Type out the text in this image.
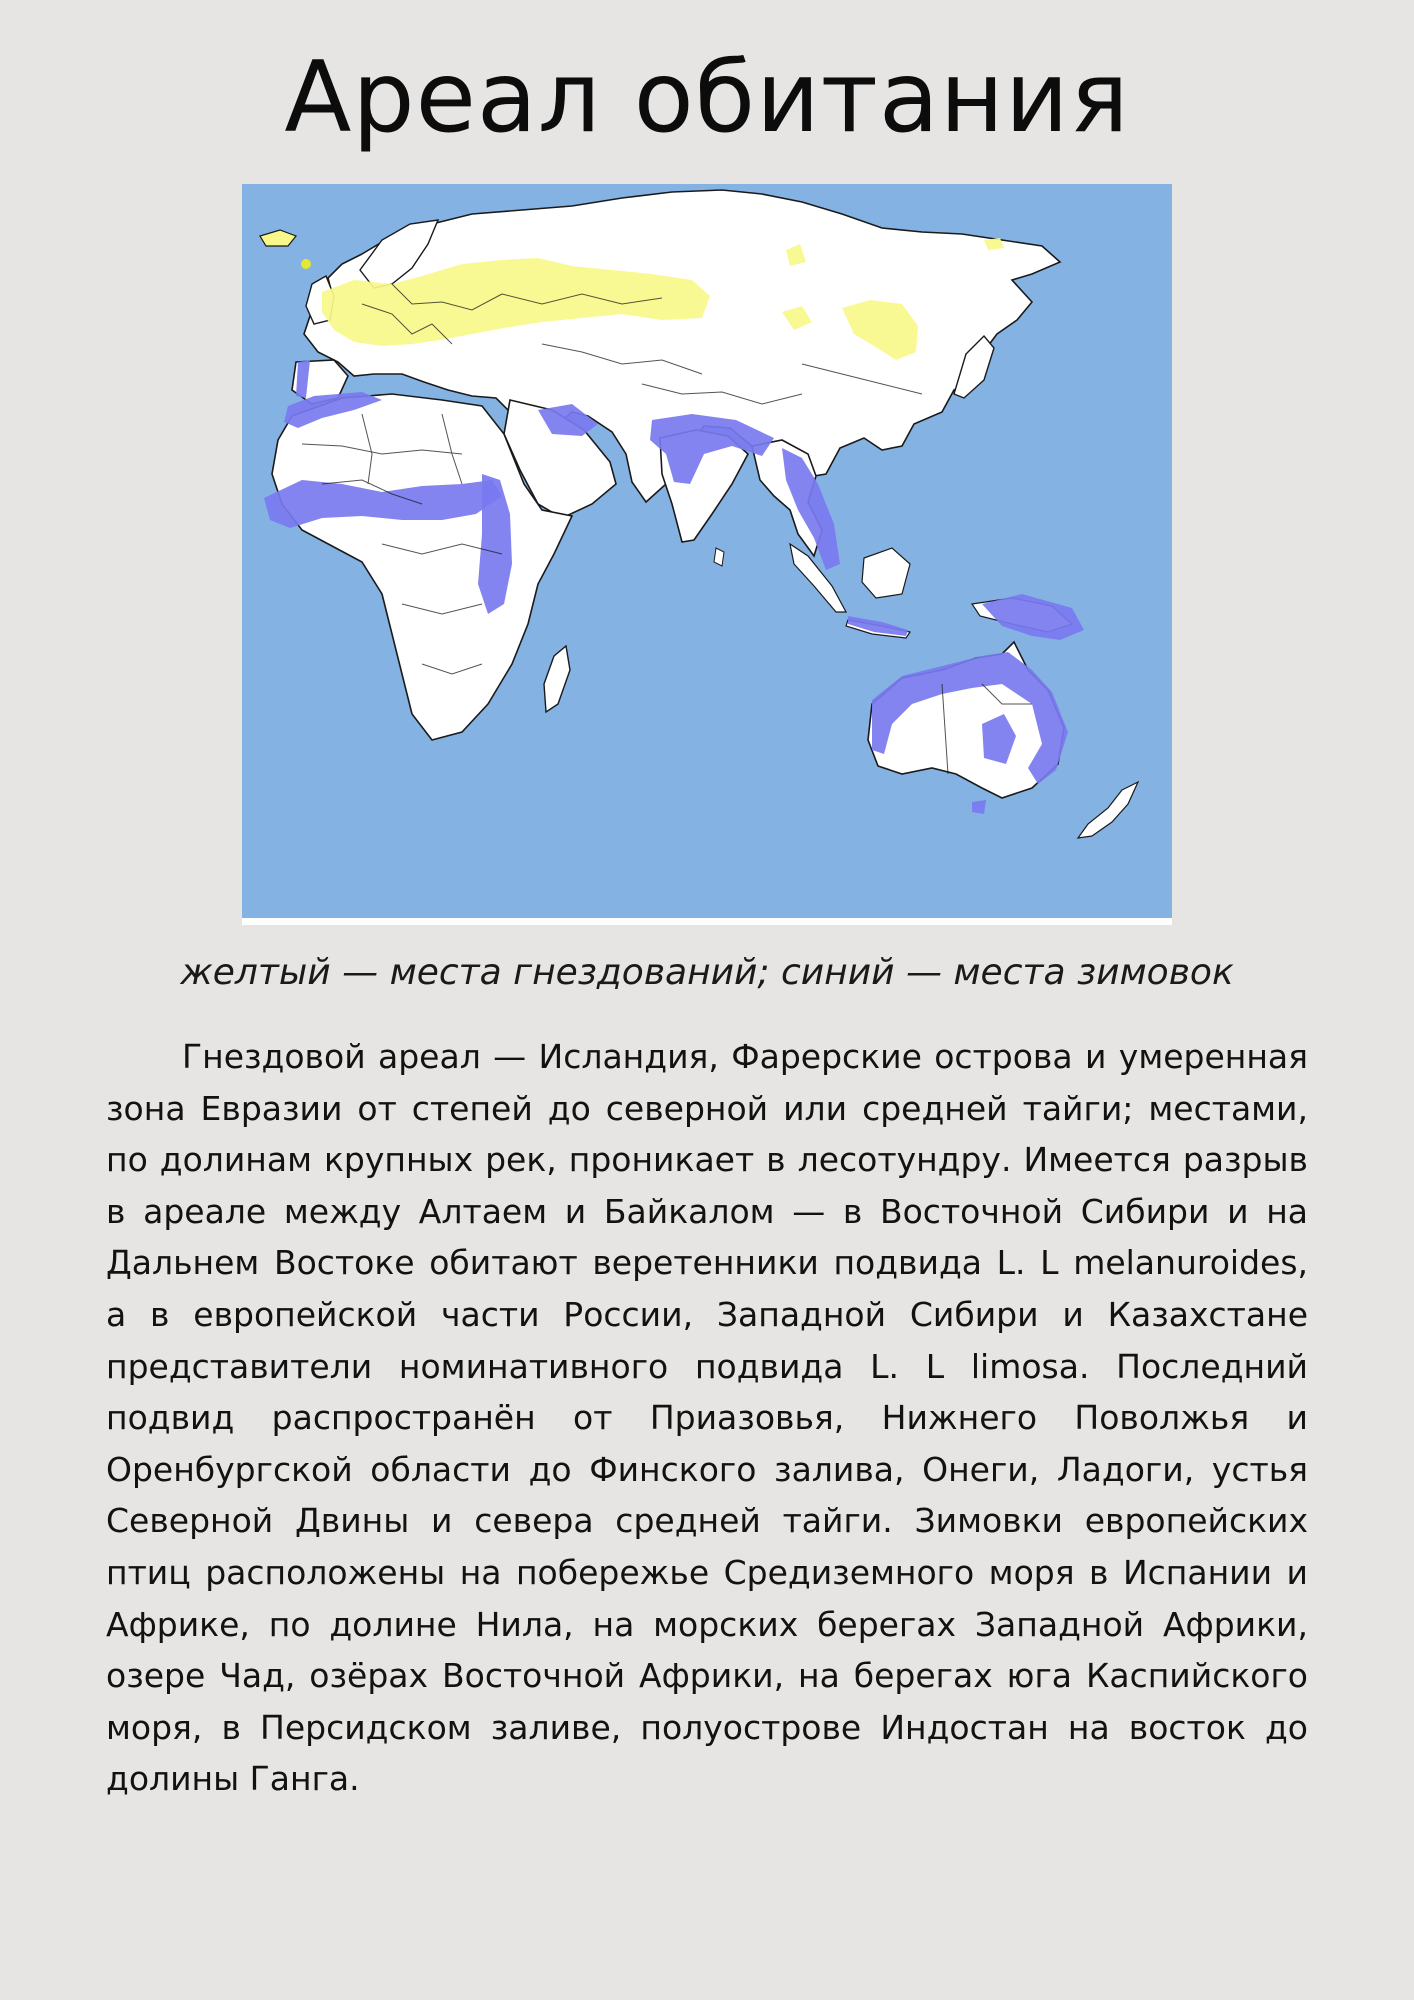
Ареал обитания
желтый — места гнездований; синий — места зимовок

Гнездовой ареал — Исландия, Фарерские острова и умеренная зона Евразии от степей до северной или средней тайги; местами, по долинам крупных рек, проникает в лесотундру. Имеется разрыв в ареале между Алтаем и Байкалом — в Восточной Сибири и на Дальнем Востоке обитают веретенники подвида L. L melanuroides, а в европейской части России, Западной Сибири и Казахстане представители номинативного подвида L. L limosa. Последний подвид распространён от Приазовья, Нижнего Поволжья и Оренбургской области до Финского залива, Онеги, Ладоги, устья Северной Двины и севера средней тайги. Зимовки европейских птиц расположены на побережье Средиземного моря в Испании и Африке, по долине Нила, на морских берегах Западной Африки, озере Чад, озёрах Восточной Африки, на берегах юга Каспийского моря, в Персидском заливе, полуострове Индостан на восток до долины Ганга.
